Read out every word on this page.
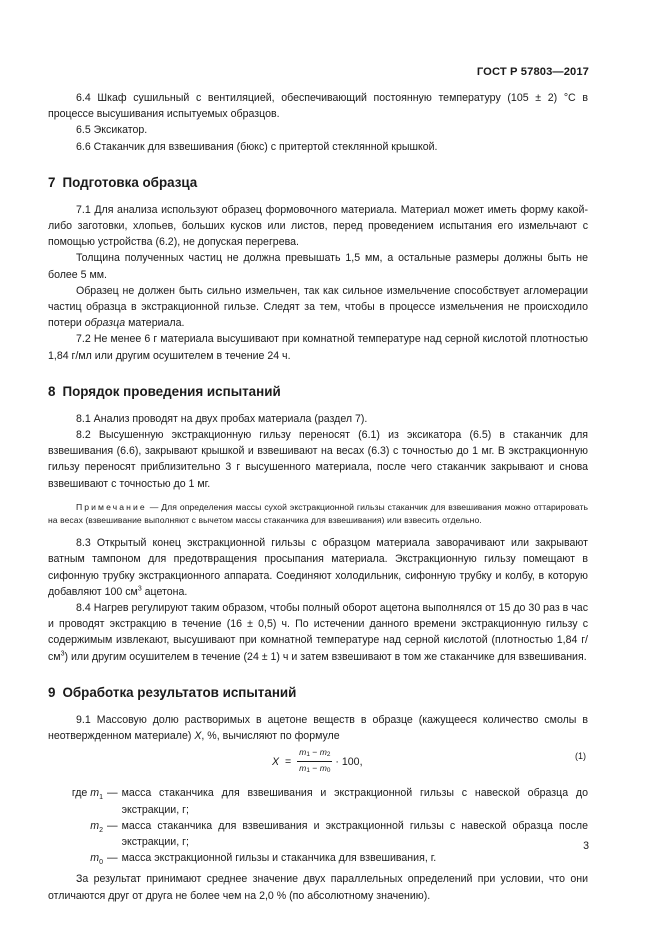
ГОСТ Р 57803—2017

6.4 Шкаф сушильный с вентиляцией, обеспечивающий постоянную температуру (105 ± 2) °С в процессе высушивания испытуемых образцов.

6.5 Эксикатор.

6.6 Стаканчик для взвешивания (бюкс) с притертой стеклянной крышкой.

7 Подготовка образца

7.1 Для анализа используют образец формовочного материала. Материал может иметь форму какой-либо заготовки, хлопьев, больших кусков или листов, перед проведением испытания его измельчают с помощью устройства (6.2), не допуская перегрева.

Толщина полученных частиц не должна превышать 1,5 мм, а остальные размеры должны быть не более 5 мм.

Образец не должен быть сильно измельчен, так как сильное измельчение способствует агломерации частиц образца в экстракционной гильзе. Следят за тем, чтобы в процессе измельчения не происходило потери образца материала.

7.2 Не менее 6 г материала высушивают при комнатной температуре над серной кислотой плотностью 1,84 г/мл или другим осушителем в течение 24 ч.

8 Порядок проведения испытаний

8.1 Анализ проводят на двух пробах материала (раздел 7).

8.2 Высушенную экстракционную гильзу переносят (6.1) из эксикатора (6.5) в стаканчик для взвешивания (6.6), закрывают крышкой и взвешивают на весах (6.3) с точностью до 1 мг. В экстракционную гильзу переносят приблизительно 3 г высушенного материала, после чего стаканчик закрывают и снова взвешивают с точностью до 1 мг.

Примечание — Для определения массы сухой экстракционной гильзы стаканчик для взвешивания можно оттарировать на весах (взвешивание выполняют с вычетом массы стаканчика для взвешивания) или взвесить отдельно.

8.3 Открытый конец экстракционной гильзы с образцом материала заворачивают или закрывают ватным тампоном для предотвращения просыпания материала. Экстракционную гильзу помещают в сифонную трубку экстракционного аппарата. Соединяют холодильник, сифонную трубку и колбу, в которую добавляют 100 $см^3$ ацетона.

8.4 Нагрев регулируют таким образом, чтобы полный оборот ацетона выполнялся от 15 до 30 раз в час и проводят экстракцию в течение (16 ± 0,5) ч. По истечении данного времени экстракционную гильзу с содержимым извлекают, высушивают при комнатной температуре над серной кислотой (плотностью 1,84 $г/см^3$) или другим осушителем в течение (24 ± 1) ч и затем взвешивают в том же стаканчике для взвешивания.

9 Обработка результатов испытаний

9.1 Массовую долю растворимых в ацетоне веществ в образце (кажущееся количество смолы в неотвержденном материале) X, %, вычисляют по формуле

$X = \frac{m_1 - m_2}{m_1 - m_0} \cdot 100$,	(1)
где $m_1$ — масса стаканчика для взвешивания и экстракционной гильзы с навеской образца до экстракции, г;
$m_2$ — масса стаканчика для взвешивания и экстракционной гильзы с навеской образца после экстракции, г;
$m_0$ — масса экстракционной гильзы и стаканчика для взвешивания, г.

За результат принимают среднее значение двух параллельных определений при условии, что они отличаются друг от друга не более чем на 2,0 % (по абсолютному значению).

3
